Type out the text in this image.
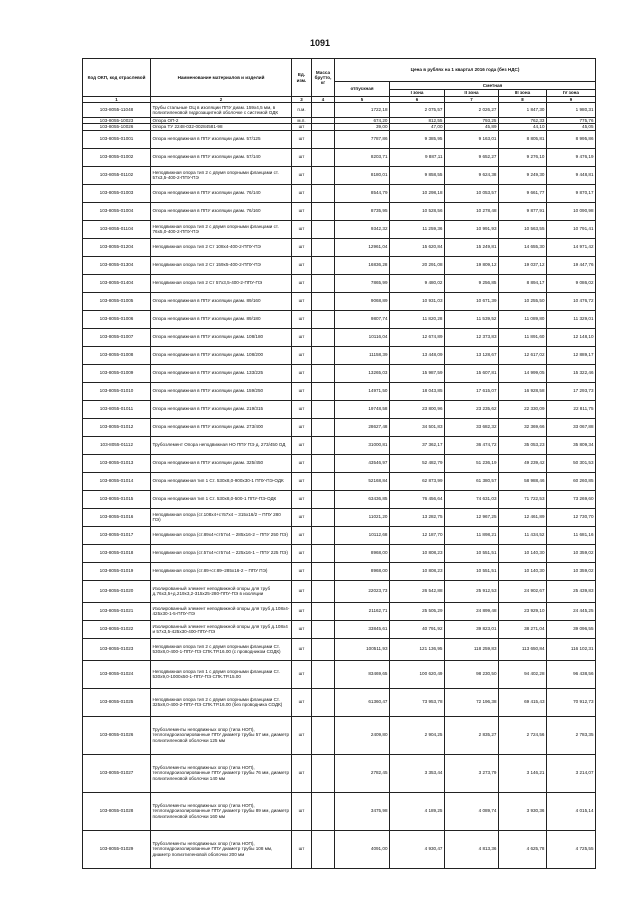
1091
Код ОКП, код отраслевой	Наименование материалов и изделий	Ед. изм.	Масса брутто, кг	Цена в рублях на 1 квартал 2016 года (без НДС)				
				отпускная	Сметная			
					I зона	II зона	III зона	IV зона
1	2	3	4	5	6	7	8	9
103-8055-11048	Трубы стальные ОЦ в изоляции ППУ диам. 159х4,5 мм, в полиэтиленовой гидрозащитной оболочке с системой ОДК	п.м.		1722,18	2 075,57	2 026,27	1 847,30	1 980,31
103-8055-10023	Опора ОП-2	м.п.		674,20	812,55	793,25	762,33	775,76
103-8055-10026	Опора ТУ 2248-032-00284581-98	шт		39,00	47,00	45,89	44,10	45,05
103-8055-01001	Опора неподвижная в ППУ изоляции диам. 57/125	шт		7787,86	9 385,95	9 163,01	8 805,81	8 995,86
103-8055-01002	Опора неподвижная в ППУ изоляции диам. 57/140	шт		8203,71	9 887,11	9 652,27	9 276,10	9 476,19
103-8055-01102	Неподвижная опора тип 2 с двумя опорными фланцами ст. 57х3,5-400-2-ППУ-ПЭ	шт		8180,01	9 858,55	9 624,38	9 249,30	9 448,81
103-8055-01003	Опора неподвижная в ППУ изоляции диам. 76/140	шт		8544,79	10 298,18	10 053,57	9 661,77	9 870,17
103-8055-01004	Опора неподвижная в ППУ изоляции диам. 76/160	шт		8735,95	10 528,56	10 278,48	9 877,91	10 090,98
103-8055-01104	Неподвижная опора тип 2 с двумя опорными фланцами ст. 76х5,0-400-2-ППУ-ПЭ	шт		9342,32	11 259,36	10 991,93	10 563,55	10 791,41
103-8055-01204	Неподвижная опора тип 2 Ст 108х4-400-2-ППУ-ПЭ	шт		12961,04	15 620,84	15 249,81	14 655,30	14 971,42
103-8055-01304	Неподвижная опора тип 2 Ст 159х5-400-2-ППУ-ПЭ	шт		16836,28	20 291,08	19 809,12	19 037,12	19 447,76
103-8055-01404	Неподвижная опора тип 2 Ст 57х3,5-400-2-ППУ-ПЭ	шт		7865,99	9 480,02	9 256,85	8 894,17	9 086,02
103-8055-01005	Опора неподвижная в ППУ изоляции диам. 89/160	шт		9068,89	10 931,03	10 671,39	10 255,50	10 476,72
103-8055-01006	Опора неподвижная в ППУ изоляции диам. 89/180	шт		9807,74	11 820,28	11 539,52	11 089,80	11 329,01
103-8055-01007	Опора неподвижная в ППУ изоляции диам. 108/180	шт		10116,04	12 674,89	12 373,83	11 891,60	12 148,10
103-8055-01008	Опора неподвижная в ППУ изоляции диам. 108/200	шт		11158,39	13 448,09	13 128,67	12 617,02	12 889,17
103-8055-01009	Опора неподвижная в ППУ изоляции диам. 133/225	шт		13265,03	15 987,59	15 607,81	14 999,05	15 322,46
103-8055-01010	Опора неподвижная в ППУ изоляции диам. 159/250	шт		14971,50	18 043,85	17 615,07	16 928,58	17 293,73
103-8055-01011	Опора неподвижная в ППУ изоляции диам. 219/315	шт		19748,58	23 800,96	23 235,62	22 330,09	22 811,75
103-8055-01012	Опора неподвижная в ППУ изоляции диам. 273/400	шт		28627,48	34 501,83	33 682,32	32 369,66	33 067,88
103-8055-01112	Трубоэлемент Опора неподвижная НО ППУ ПЭ д. 273/450 ОД	шт		31000,81	37 362,17	36 474,72	35 053,23	35 809,34
103-8055-01013	Опора неподвижная в ППУ изоляции диам. 325/450	шт		43546,97	52 482,79	51 236,19	49 239,42	50 301,53
103-8055-01014	Опора неподвижная тип 1 Ст. 530х8,0-900х30-1 ППУ-ПЭ-ОДК	шт		52168,84	62 873,99	61 380,57	58 988,46	60 260,85
103-8055-01015	Опора неподвижная тип 1 Ст. 530х8,0-500-1 ППУ-ПЭ-ОДК	шт		63436,85	76 456,64	74 631,03	71 722,53	73 269,60
103-8055-01016	Неподвижная опора (ст.108х4+ст57х4 – 315х16/2 – ППУ 280 ПЭ)	шт		11021,20	13 282,75	12 967,25	12 461,89	12 730,70
103-8055-01017	Неподвижная опора (ст.89х4+ст57х4 – 285х16-2 – ППУ 250 ПЭ)	шт		10112,68	12 187,70	11 898,21	11 434,52	11 681,16
103-8055-01018	Неподвижная опора (ст.57х4+ст57х4 – 225х16-1 – ППУ 225 ПЭ)	шт		8968,00	10 808,23	10 551,51	10 140,30	10 359,02
103-8055-01019	Неподвижная опора (ст.89+ст.89–285х16-2 – ППУ ПЭ)	шт		8968,00	10 808,23	10 551,51	10 140,30	10 359,02
103-8055-01020	Изолированный элемент неподвижной опоры для труб д.76х3,5+д.219х3,2-315х25-280-ППУ-ПЭ в изоляции	шт		22023,73	26 542,88	25 912,53	24 902,67	25 439,83
103-8055-01021	Изолированный элемент неподвижной опоры для труб д.108х4-425х30-1-5-ППУ-ПЭ	шт		21162,71	25 505,29	24 899,48	23 929,10	24 445,25
103-8055-01022	Изолированный элемент неподвижной опоры для труб д.108х4 и 57х3,5-425х30-400-ППУ-ПЭ	шт		33845,61	40 791,92	39 823,01	38 271,04	39 096,55
103-8055-01023	Неподвижная опора тип 2 с двумя опорными фланцами Ст. 530х8,0-400-1-ППУ-ПЭ СПК.ТР.16.00 (с проводником СОДК)	шт		100511,93	121 136,95	118 259,83	113 650,84	116 102,31
103-8055-01024	Неподвижная опора тип 1 с двумя опорными фланцами Ст. 530х9,0-1000х50-1-ППУ-ПЭ СПК.ТР.15.00	шт		83469,65	100 620,49	98 230,50	94 402,28	96 438,56
103-8055-01025	Неподвижная опора тип 2 с двумя опорными фланцами Ст. 325х8,0-400-2-ППУ-ПЭ СПК.ТР.16.00 (без проводника СОДК)	шт		61360,47	73 953,78	72 196,38	69 415,43	70 912,73
103-8055-01026	Трубоэлементы неподвижных опор (типа НОП), теплогидроизолированные ППУ диаметр трубы 57 мм, диаметр полиэтиленовой оболочки 125 мм	шт		2409,80	2 904,25	2 835,27	2 724,56	2 783,35
103-8055-01027	Трубоэлементы неподвижных опор (типа НОП), теплогидроизолированные ППУ диаметр трубы 76 мм, диаметр полиэтиленовой оболочки 140 мм	шт		2782,45	3 353,44	3 273,79	3 146,21	3 214,07
103-8055-01028	Трубоэлементы неподвижных опор (типа НОП), теплогидроизолированные ППУ диаметр трубы 89 мм, диаметр полиэтиленовой оболочки 160 мм	шт		3475,98	4 189,25	4 089,74	3 930,36	4 015,14
103-8055-01029	Трубоэлементы неподвижных опор (типа НОП), теплогидроизолированные ППУ диаметр трубы 108 мм, диаметр полиэтиленовой оболочки 200 мм	шт		4091,00	4 930,47	4 813,36	4 625,78	4 725,55
